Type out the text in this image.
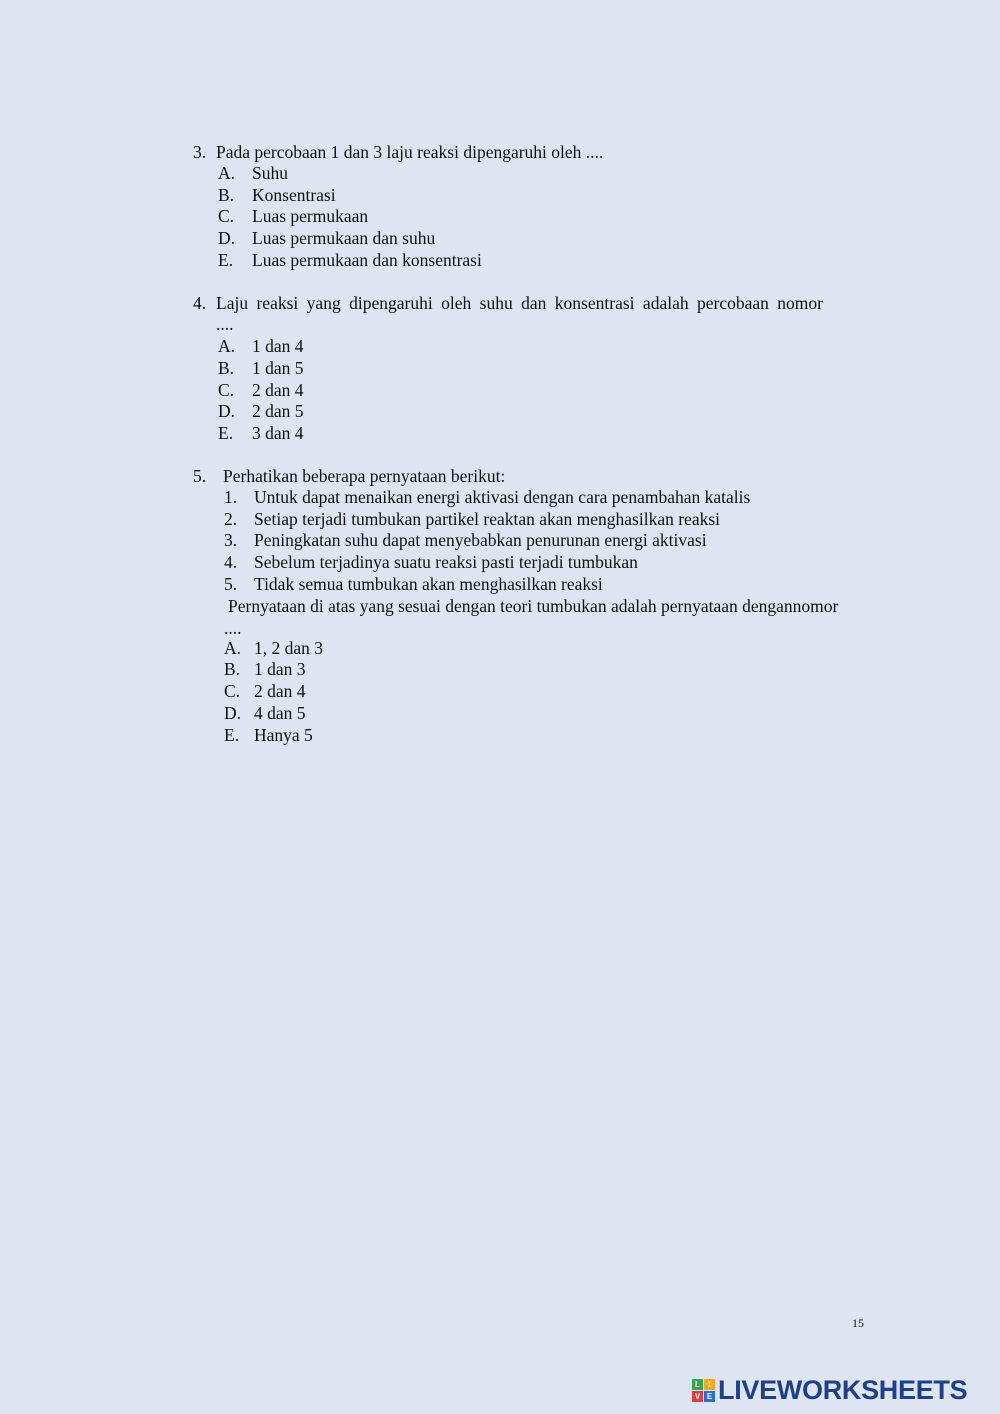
3. Pada percobaan 1 dan 3 laju reaksi dipengaruhi oleh ....
A. Suhu
B. Konsentrasi
C. Luas permukaan
D. Luas permukaan dan suhu
E. Luas permukaan dan konsentrasi
4. Laju reaksi yang dipengaruhi oleh suhu dan konsentrasi adalah percobaan nomor
....
A. 1 dan 4
B. 1 dan 5
C. 2 dan 4
D. 2 dan 5
E. 3 dan 4
5. Perhatikan beberapa pernyataan berikut:
1. Untuk dapat menaikan energi aktivasi dengan cara penambahan katalis
2. Setiap terjadi tumbukan partikel reaktan akan menghasilkan reaksi
3. Peningkatan suhu dapat menyebabkan penurunan energi aktivasi
4. Sebelum terjadinya suatu reaksi pasti terjadi tumbukan
5. Tidak semua tumbukan akan menghasilkan reaksi
Pernyataan di atas yang sesuai dengan teori tumbukan adalah pernyataan dengannomor
....
A. 1, 2 dan 3
B. 1 dan 3
C. 2 dan 4
D. 4 dan 5
E. Hanya 5
15
L	I
V E LIVEWORKSHEETS
